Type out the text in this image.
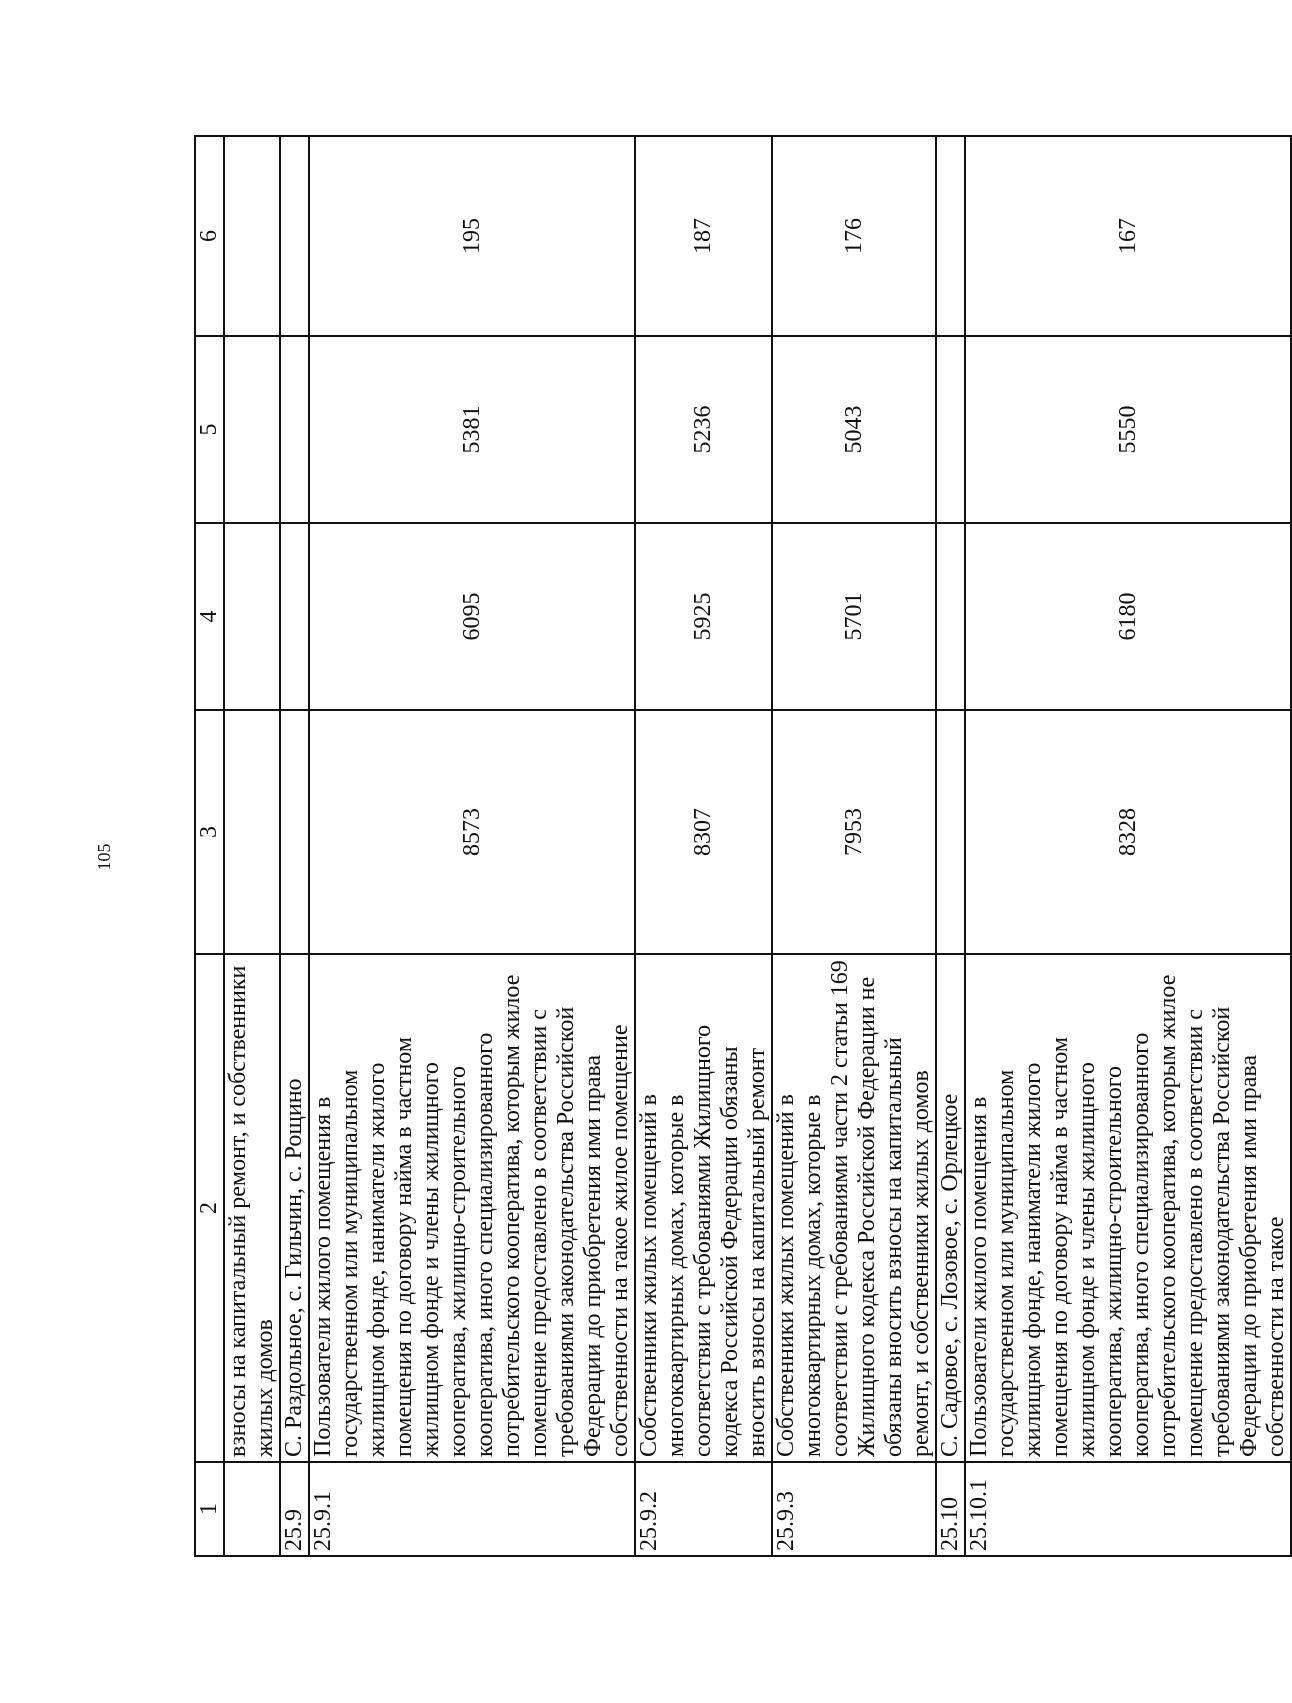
105
1	2	3	4	5	6
	взносы на капитальный ремонт, и собственники жилых домов				
25.9	С. Раздольное, с. Гильчин, с. Рощино				
25.9.1	Пользователи жилого помещения в государственном или муниципальном жилищном фонде, наниматели жилого помещения по договору найма в частном жилищном фонде и члены жилищного кооператива, жилищно-строительного кооператива, иного специализированного потребительского кооператива, которым жилое помещение предоставлено в соответствии с требованиями законодательства Российской Федерации до приобретения ими права собственности на такое жилое помещение	8573	6095	5381	195
25.9.2	Собственники жилых помещений в многоквартирных домах, которые в соответствии с требованиями Жилищного кодекса Российской Федерации обязаны вносить взносы на капитальный ремонт	8307	5925	5236	187
25.9.3	Собственники жилых помещений в многоквартирных домах, которые в соответствии с требованиями части 2 статьи 169 Жилищного кодекса Российской Федерации не обязаны вносить взносы на капитальный ремонт, и собственники жилых домов	7953	5701	5043	176
25.10	С. Садовое, с. Лозовое, с. Орлецкое				
25.10.1	Пользователи жилого помещения в государственном или муниципальном жилищном фонде, наниматели жилого помещения по договору найма в частном жилищном фонде и члены жилищного кооператива, жилищно-строительного кооператива, иного специализированного потребительского кооператива, которым жилое помещение предоставлено в соответствии с требованиями законодательства Российской Федерации до приобретения ими права собственности на такое	8328	6180	5550	167
